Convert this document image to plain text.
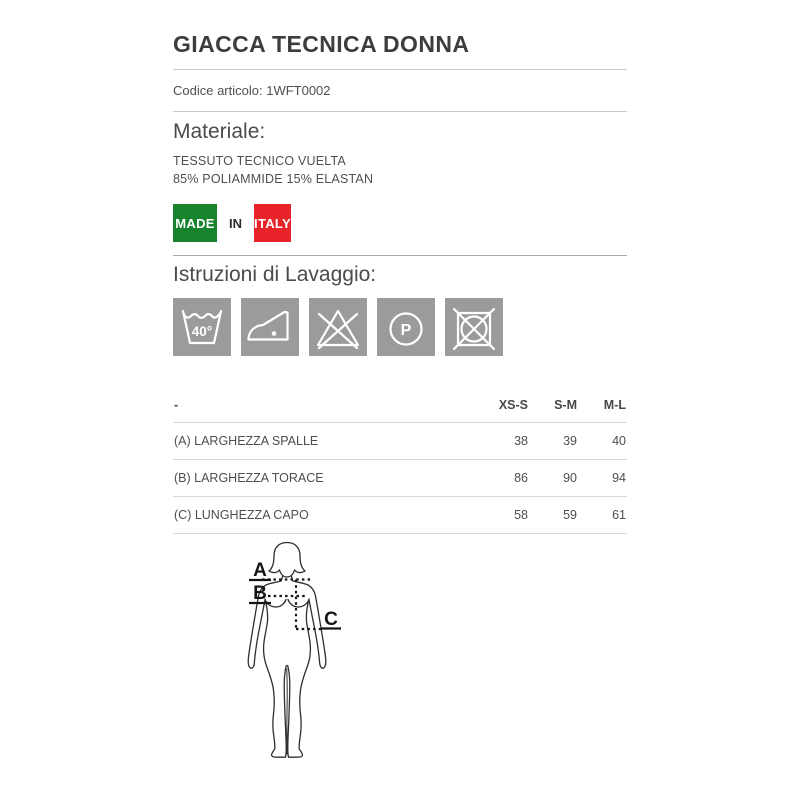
GIACCA TECNICA DONNA
Codice articolo: 1WFT0002
Materiale:
TESSUTO TECNICO VUELTA
85% POLIAMMIDE 15% ELASTAN
MADE IN ITALY
Istruzioni di Lavaggio:
40°	P
-	XS-S	S-M	M-L
(A) LARGHEZZA SPALLE	38	39	40
(B) LARGHEZZA TORACE	86	90	94
(C) LUNGHEZZA CAPO	58	59	61
A
B
C
